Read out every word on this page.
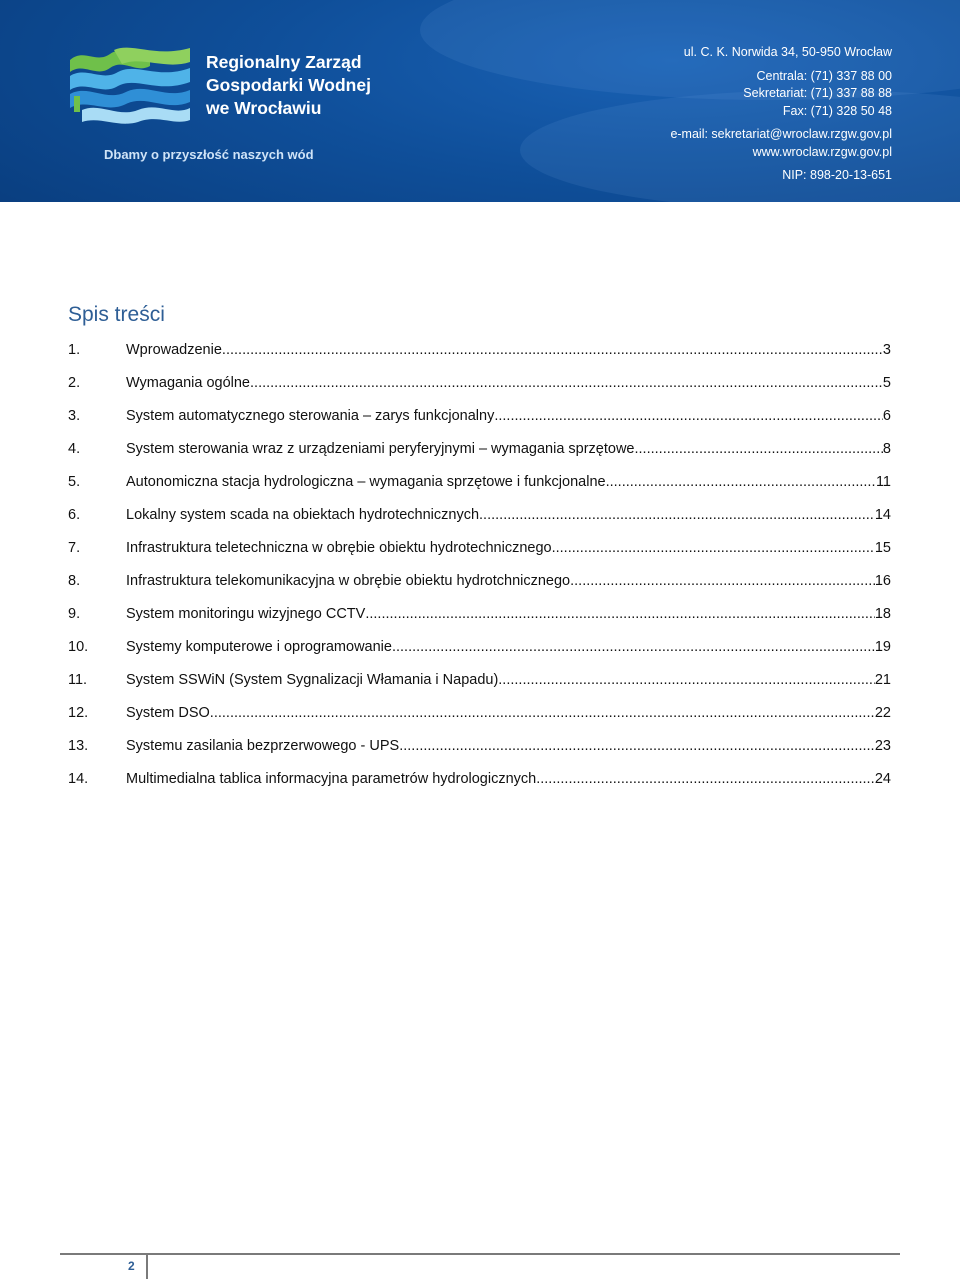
Regionalny Zarząd
Gospodarki Wodnej
we Wrocławiu
Dbamy o przyszłość naszych wód
ul. C. K. Norwida 34, 50-950 Wrocław
Centrala: (71) 337 88 00
Sekretariat: (71) 337 88 88
Fax: (71) 328 50 48
e-mail: sekretariat@wroclaw.rzgw.gov.pl
www.wroclaw.rzgw.gov.pl
NIP: 898-20-13-651
Spis treści
1.	Wprowadzenie .....	3
2.	Wymagania ogólne .....	5
3.	System automatycznego sterowania – zarys funkcjonalny .....	6
4.	System sterowania wraz z urządzeniami peryferyjnymi – wymagania sprzętowe .....	8
5.	Autonomiczna stacja hydrologiczna – wymagania sprzętowe i funkcjonalne .....	11
6.	Lokalny system scada na obiektach hydrotechnicznych .....	14
7.	Infrastruktura teletechniczna w obrębie obiektu hydrotechnicznego .....	15
8.	Infrastruktura telekomunikacyjna w obrębie obiektu hydrotchnicznego .....	16
9.	System monitoringu wizyjnego CCTV .....	18
10.	Systemy komputerowe i oprogramowanie .....	19
11.	System SSWiN (System Sygnalizacji Włamania i Napadu) .....	21
12.	System DSO .....	22
13.	Systemu zasilania bezprzerwowego - UPS .....	23
14.	Multimedialna tablica informacyjna parametrów hydrologicznych .....	24
2
